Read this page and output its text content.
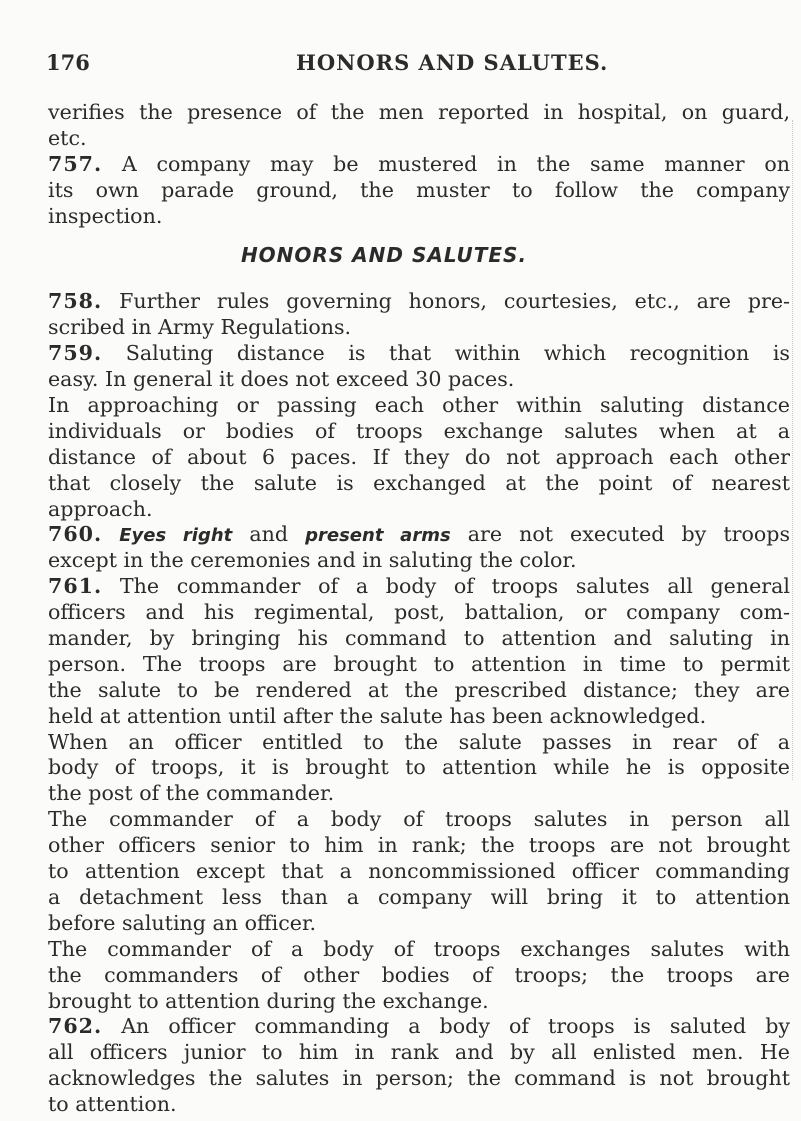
176	HONORS AND SALUTES.
verifies the presence of the men reported in hospital, on guard,
etc.
757. A company may be mustered in the same manner on
its own parade ground, the muster to follow the company
inspection.
HONORS AND SALUTES.
758. Further rules governing honors, courtesies, etc., are pre-
scribed in Army Regulations.
759. Saluting distance is that within which recognition is
easy. In general it does not exceed 30 paces.
In approaching or passing each other within saluting distance
individuals or bodies of troops exchange salutes when at a
distance of about 6 paces. If they do not approach each other
that closely the salute is exchanged at the point of nearest
approach.
760. Eyes right and present arms are not executed by troops
except in the ceremonies and in saluting the color.
761. The commander of a body of troops salutes all general
officers and his regimental, post, battalion, or company com-
mander, by bringing his command to attention and saluting in
person. The troops are brought to attention in time to permit
the salute to be rendered at the prescribed distance; they are
held at attention until after the salute has been acknowledged.
When an officer entitled to the salute passes in rear of a
body of troops, it is brought to attention while he is opposite
the post of the commander.
The commander of a body of troops salutes in person all
other officers senior to him in rank; the troops are not brought
to attention except that a noncommissioned officer commanding
a detachment less than a company will bring it to attention
before saluting an officer.
The commander of a body of troops exchanges salutes with
the commanders of other bodies of troops; the troops are
brought to attention during the exchange.
762. An officer commanding a body of troops is saluted by
all officers junior to him in rank and by all enlisted men. He
acknowledges the salutes in person; the command is not brought
to attention.
